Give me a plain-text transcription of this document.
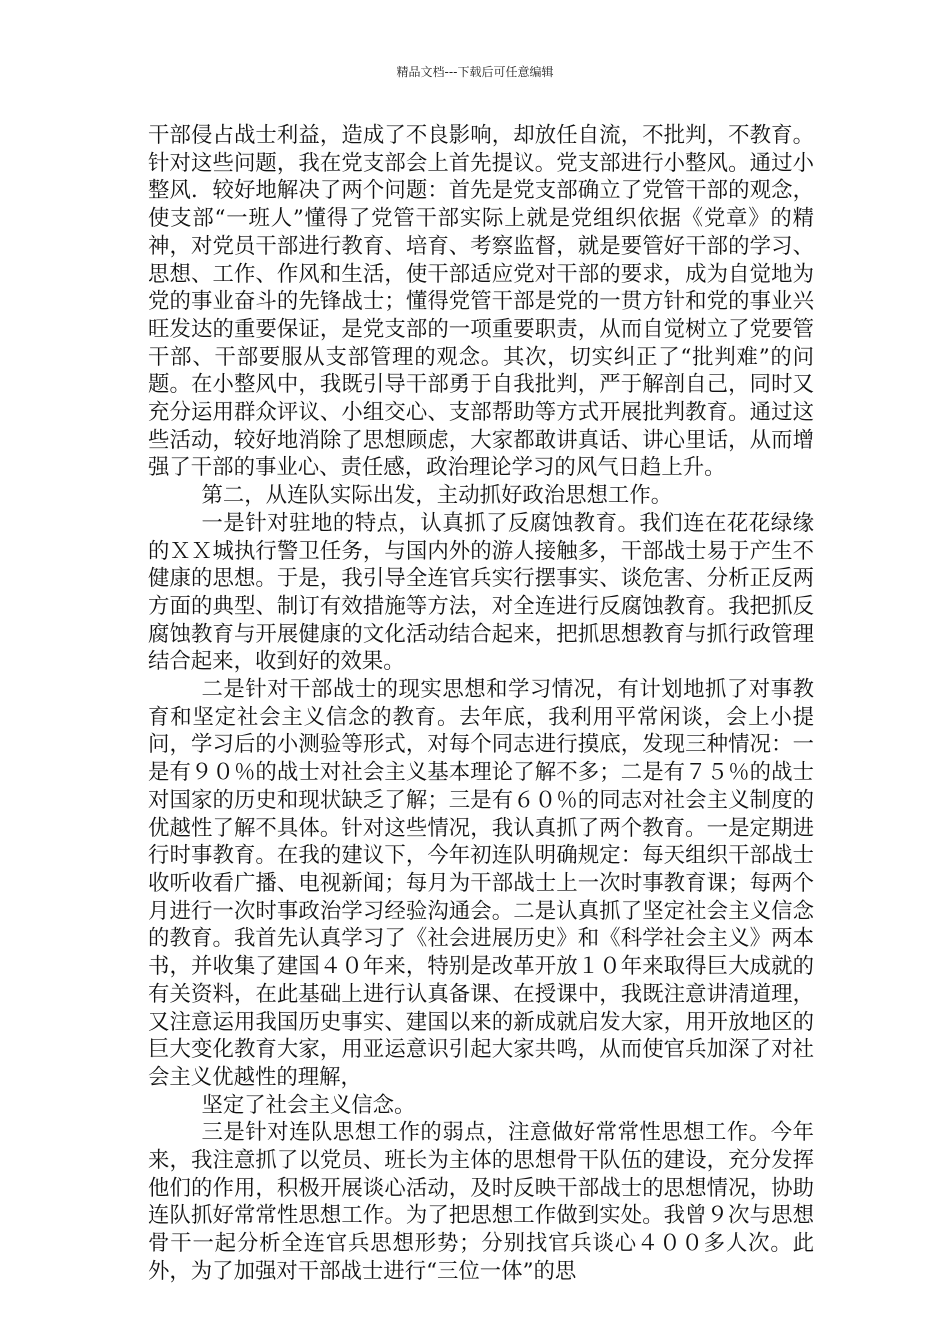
精品文档---下载后可任意编辑

干部侵占战士利益，造成了不良影响，却放任自流，不批判，不教育。针对这些问题，我在党支部会上首先提议。党支部进行小整风。通过小整风．较好地解决了两个问题：首先是党支部确立了党管干部的观念，使支部“一班人”懂得了党管干部实际上就是党组织依据《党章》的精神，对党员干部进行教育、培育、考察监督，就是要管好干部的学习、思想、工作、作风和生活，使干部适应党对干部的要求，成为自觉地为党的事业奋斗的先锋战士；懂得党管干部是党的一贯方针和党的事业兴旺发达的重要保证，是党支部的一项重要职责，从而自觉树立了党要管干部、干部要服从支部管理的观念。其次，切实纠正了“批判难”的问题。在小整风中，我既引导干部勇于自我批判，严于解剖自己，同时又充分运用群众评议、小组交心、支部帮助等方式开展批判教育。通过这些活动，较好地消除了思想顾虑，大家都敢讲真话、讲心里话，从而增强了干部的事业心、责任感，政治理论学习的风气日趋上升。

第二，从连队实际出发，主动抓好政治思想工作。

一是针对驻地的特点，认真抓了反腐蚀教育。我们连在花花绿缘的ＸＸ城执行警卫任务，与国内外的游人接触多，干部战士易于产生不健康的思想。于是，我引导全连官兵实行摆事实、谈危害、分析正反两方面的典型、制订有效措施等方法，对全连进行反腐蚀教育。我把抓反腐蚀教育与开展健康的文化活动结合起来，把抓思想教育与抓行政管理结合起来，收到好的效果。

二是针对干部战士的现实思想和学习情况，有计划地抓了对事教育和坚定社会主义信念的教育。去年底，我利用平常闲谈，会上小提问，学习后的小测验等形式，对每个同志进行摸底，发现三种情况：一是有９０％的战士对社会主义基本理论了解不多；二是有７５％的战士对国家的历史和现状缺乏了解；三是有６０％的同志对社会主义制度的优越性了解不具体。针对这些情况，我认真抓了两个教育。一是定期进行时事教育。在我的建议下，今年初连队明确规定：每天组织干部战士收听收看广播、电视新闻；每月为干部战士上一次时事教育课；每两个月进行一次时事政治学习经验沟通会。二是认真抓了坚定社会主义信念的教育。我首先认真学习了《社会进展历史》和《科学社会主义》两本书，并收集了建国４０年来，特别是改革开放１０年来取得巨大成就的有关资料，在此基础上进行认真备课、在授课中，我既注意讲清道理，又注意运用我国历史事实、建国以来的新成就启发大家，用开放地区的巨大变化教育大家，用亚运意识引起大家共鸣，从而使官兵加深了对社会主义优越性的理解，

坚定了社会主义信念。

三是针对连队思想工作的弱点，注意做好常常性思想工作。今年来，我注意抓了以党员、班长为主体的思想骨干队伍的建设，充分发挥他们的作用，积极开展谈心活动，及时反映干部战士的思想情况，协助连队抓好常常性思想工作。为了把思想工作做到实处。我曾９次与思想骨干一起分析全连官兵思想形势；分别找官兵谈心４００多人次。此外，为了加强对干部战士进行“三位一体”的思
